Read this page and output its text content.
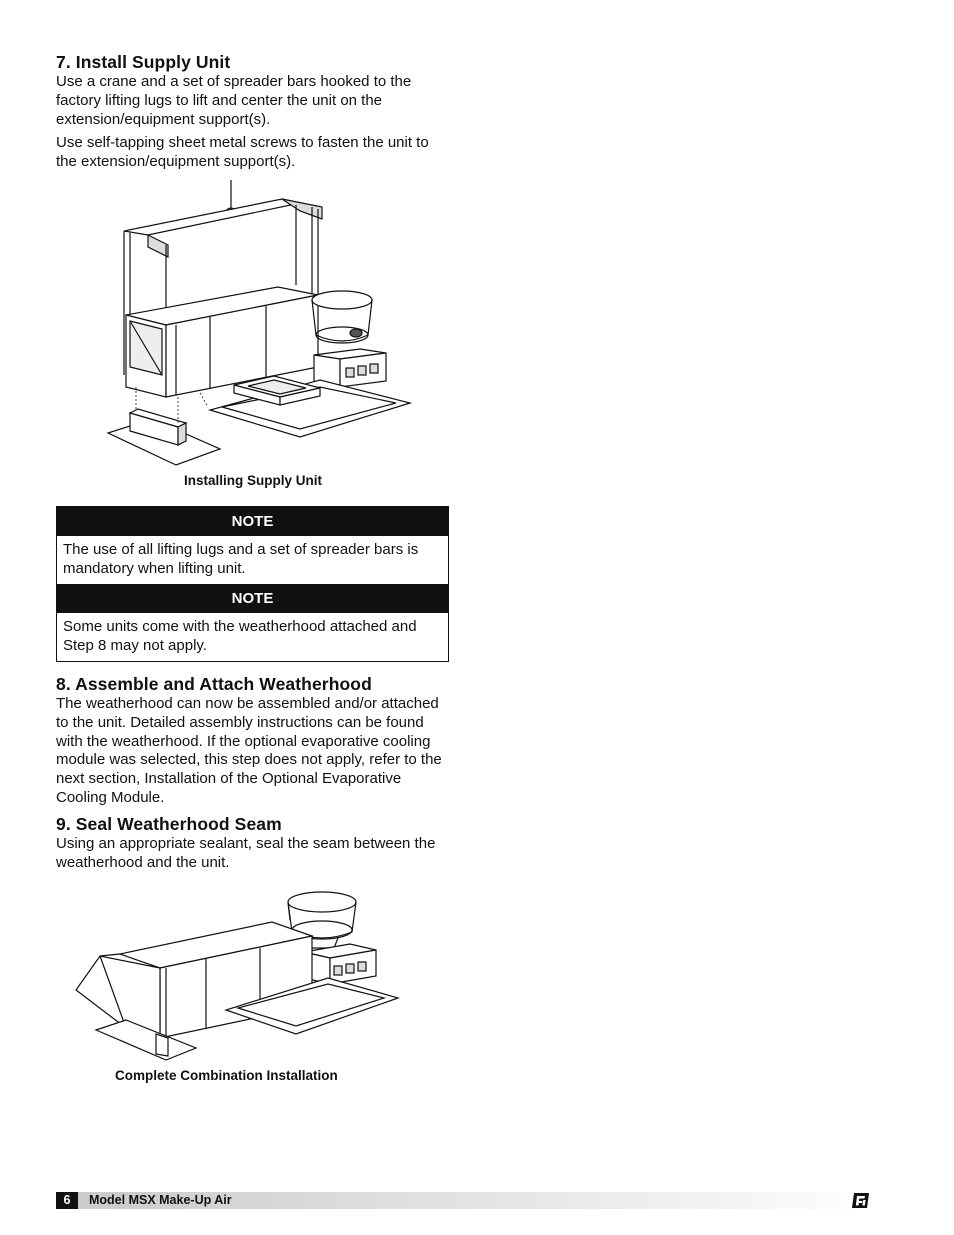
7. Install Supply Unit

Use a crane and a set of spreader bars hooked to the factory lifting lugs to lift and center the unit on the extension/equipment support(s).

Use self-tapping sheet metal screws to fasten the unit to the extension/equipment support(s).

Installing Supply Unit
NOTE
The use of all lifting lugs and a set of spreader bars is mandatory when lifting unit.
NOTE
Some units come with the weatherhood attached and Step 8 may not apply.
8. Assemble and Attach Weatherhood

The weatherhood can now be assembled and/or attached to the unit. Detailed assembly instructions can be found with the weatherhood. If the optional evaporative cooling module was selected, this step does not apply, refer to the next section, Installation of the Optional Evaporative Cooling Module.

9. Seal Weatherhood Seam

Using an appropriate sealant, seal the seam between the weatherhood and the unit.

Complete Combination Installation
6	Model MSX Make-Up Air
